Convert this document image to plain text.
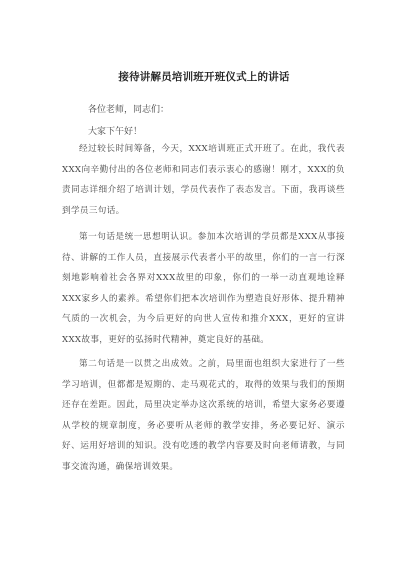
接待讲解员培训班开班仪式上的讲话
各位老师，同志们：
大家下午好！
经过较长时间筹备，今天，XXX培训班正式开班了。在此，我代表XXX向辛勤付出的各位老师和同志们表示衷心的感谢！刚才，XXX的负责同志详细介绍了培训计划，学员代表作了表态发言。下面，我再谈些到学员三句话。
第一句话是统一思想明认识。参加本次培训的学员都是XXX从事接待、讲解的工作人员，直接展示代表者小平的故里，你们的一言一行深刻地影响着社会各界对XXX故里的印象，你们的一举一动直观地诠释XXX家乡人的素养。希望你们把本次培训作为塑造良好形体、提升精神气质的一次机会，为今后更好的向世人宣传和推介XXX，更好的宣讲XXX故事，更好的弘扬时代精神，奠定良好的基础。
第二句话是一以贯之出成效。之前，局里面也组织大家进行了一些学习培训，但都都是短期的、走马观花式的，取得的效果与我们的预期还存在差距。因此，局里决定举办这次系统的培训，希望大家务必要遵从学校的规章制度，务必要听从老师的教学安排，务必要记好、演示好、运用好培训的知识。没有吃透的教学内容要及时向老师请教，与同事交流沟通，确保培训效果。
